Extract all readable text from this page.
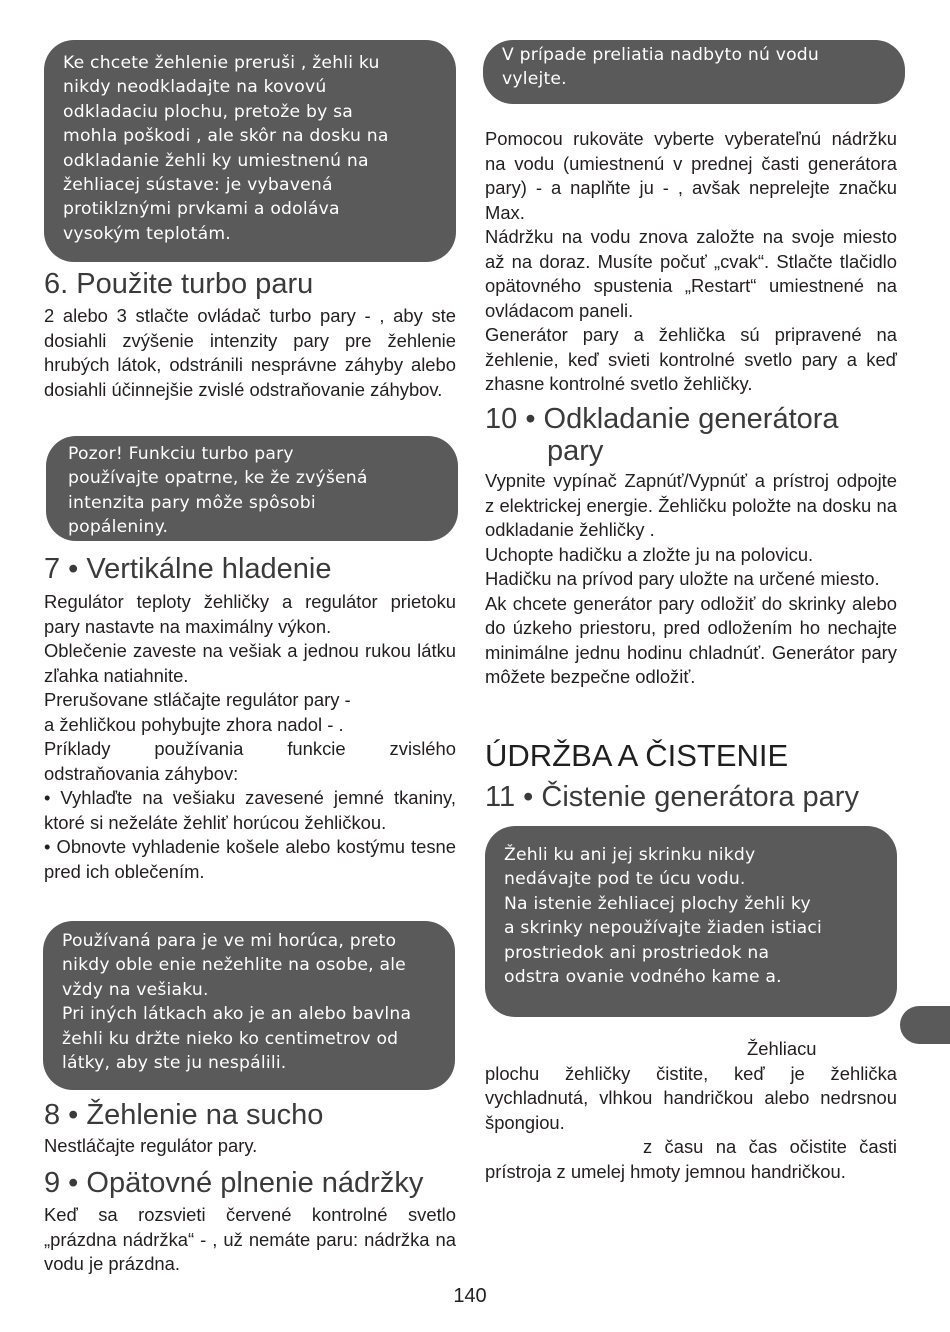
Ke chcete žehlenie preruši , žehli ku
nikdy neodkladajte na kovovú
odkladaciu plochu, pretože by sa
mohla poškodi , ale skôr na dosku na
odkladanie žehli ky umiestnenú na
žehliacej sústave: je vybavená
protiklznými prvkami a odoláva
vysokým teplotám.

6. Použite turbo paru

2 alebo 3 stlačte ovládač turbo pary - , aby ste dosiahli zvýšenie intenzity pary pre žehlenie hrubých látok, odstránili nesprávne záhyby alebo dosiahli účinnejšie zvislé odstraňovanie záhybov.

Pozor! Funkciu turbo pary
používajte opatrne, ke že zvýšená
intenzita pary môže spôsobi
popáleniny.

7 • Vertikálne hladenie

Regulátor teploty žehličky a regulátor prietoku pary nastavte na maximálny výkon.

Oblečenie zaveste na vešiak a jednou rukou látku zľahka natiahnite.

Prerušovane stláčajte regulátor pary -

a žehličkou pohybujte zhora nadol - .

Príklady používania funkcie zvislého odstraňovania záhybov:

• Vyhlaďte na vešiaku zavesené jemné tkaniny, ktoré si neželáte žehliť horúcou žehličkou.

• Obnovte vyhladenie košele alebo kostýmu tesne pred ich oblečením.

Používaná para je ve mi horúca, preto
nikdy oble enie nežehlite na osobe, ale
vždy na vešiaku.
Pri iných látkach ako je an alebo bavlna
žehli ku držte nieko ko centimetrov od
látky, aby ste ju nespálili.

8 • Žehlenie na sucho

Nestláčajte regulátor pary.

9 • Opätovné plnenie nádržky

Keď sa rozsvieti červené kontrolné svetlo „prázdna nádržka“ - , už nemáte paru: nádržka na vodu je prázdna.

V prípade preliatia nadbyto nú vodu
vylejte.

Pomocou rukoväte vyberte vyberateľnú nádržku na vodu (umiestnenú v prednej časti generátora pary) - a naplňte ju - , avšak neprelejte značku Max.

Nádržku na vodu znova založte na svoje miesto až na doraz. Musíte počuť „cvak“. Stlačte tlačidlo opätovného spustenia „Restart“ umiestnené na ovládacom paneli.

Generátor pary a žehlička sú pripravené na žehlenie, keď svieti kontrolné svetlo pary a keď zhasne kontrolné svetlo žehličky.

10 • Odkladanie generátora
pary

Vypnite vypínač Zapnúť/Vypnúť a prístroj odpojte z elektrickej energie. Žehličku položte na dosku na odkladanie žehličky .

Uchopte hadičku a zložte ju na polovicu.

Hadičku na prívod pary uložte na určené miesto.

Ak chcete generátor pary odložiť do skrinky alebo do úzkeho priestoru, pred odložením ho nechajte minimálne jednu hodinu chladnúť. Generátor pary môžete bezpečne odložiť.

ÚDRŽBA A ČISTENIE
11 • Čistenie generátora pary

Žehli ku ani jej skrinku nikdy
nedávajte pod te úcu vodu.
Na istenie žehliacej plochy žehli ky
a skrinky nepoužívajte žiaden istiaci
prostriedok ani prostriedok na
odstra ovanie vodného kame a.

Žehliacu

plochu žehličky čistite, keď je žehlička vychladnutá, vlhkou handričkou alebo nedrsnou špongiou.

z času na čas očistite časti prístroja z umelej hmoty jemnou handričkou.

140
